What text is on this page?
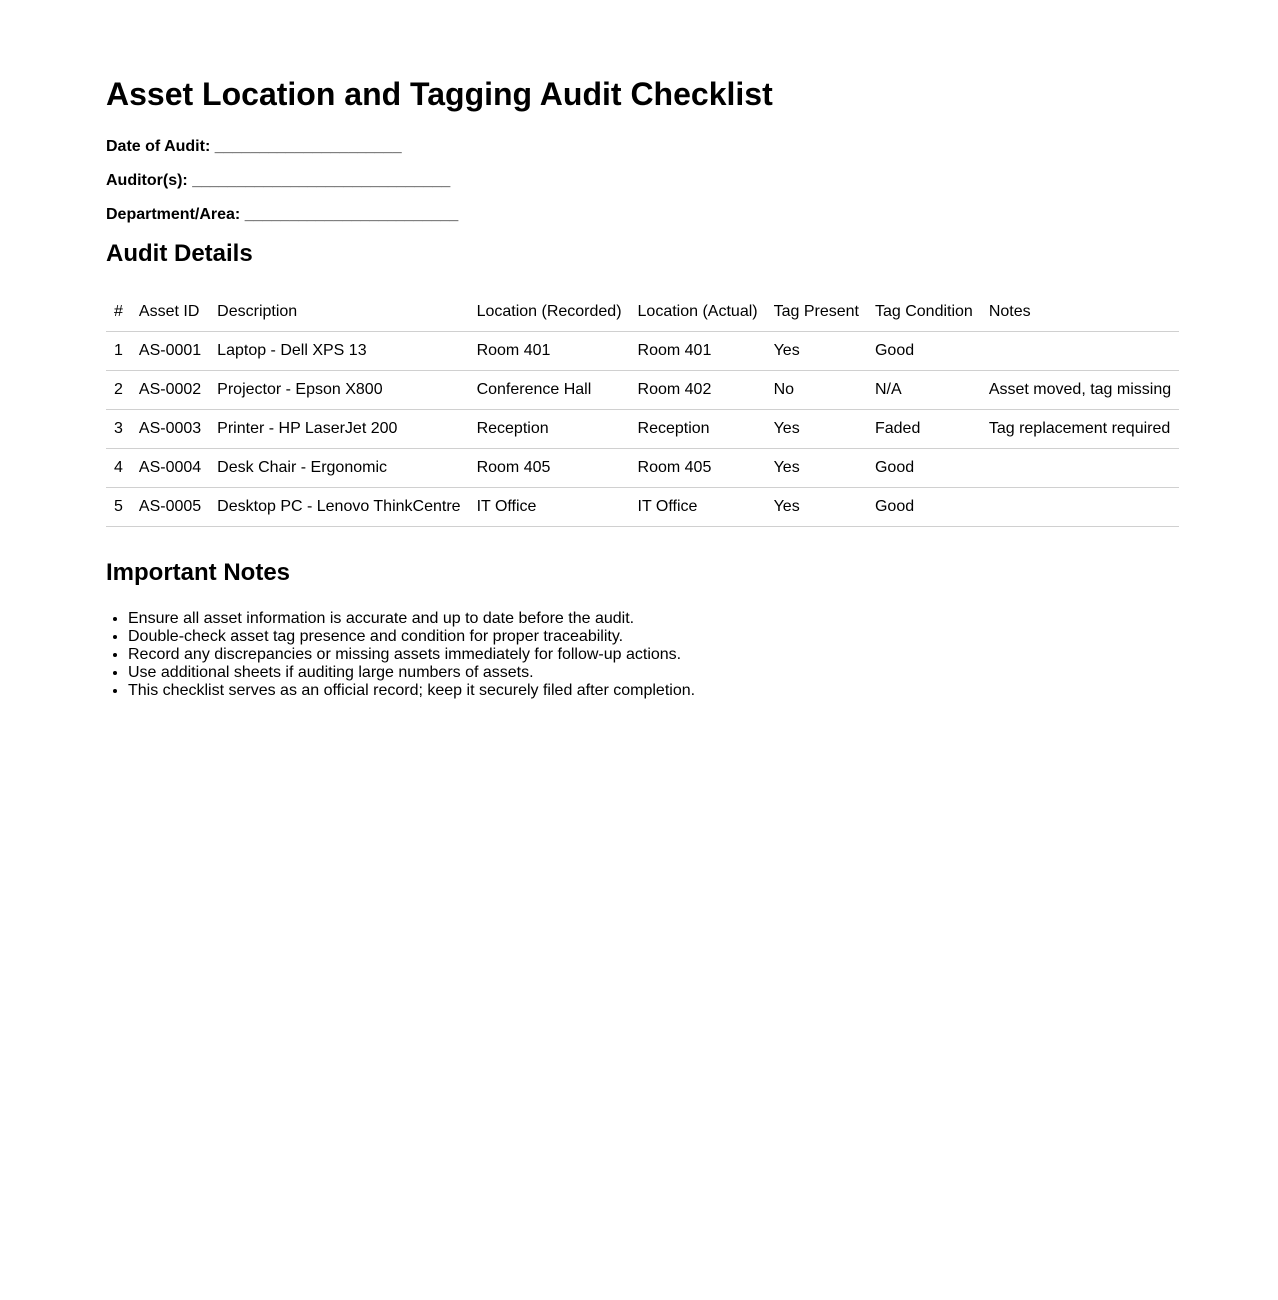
Asset Location and Tagging Audit Checklist
Date of Audit: _____________________
Auditor(s): _____________________________
Department/Area: ________________________
Audit Details
#	Asset ID	Description	Location (Recorded)	Location (Actual)	Tag Present	Tag Condition	Notes
1	AS-0001	Laptop - Dell XPS 13	Room 401	Room 401	Yes	Good	
2	AS-0002	Projector - Epson X800	Conference Hall	Room 402	No	N/A	Asset moved, tag missing
3	AS-0003	Printer - HP LaserJet 200	Reception	Reception	Yes	Faded	Tag replacement required
4	AS-0004	Desk Chair - Ergonomic	Room 405	Room 405	Yes	Good	
5	AS-0005	Desktop PC - Lenovo ThinkCentre	IT Office	IT Office	Yes	Good	
Important Notes
• Ensure all asset information is accurate and up to date before the audit.
• Double-check asset tag presence and condition for proper traceability.
• Record any discrepancies or missing assets immediately for follow-up actions.
• Use additional sheets if auditing large numbers of assets.
• This checklist serves as an official record; keep it securely filed after completion.
